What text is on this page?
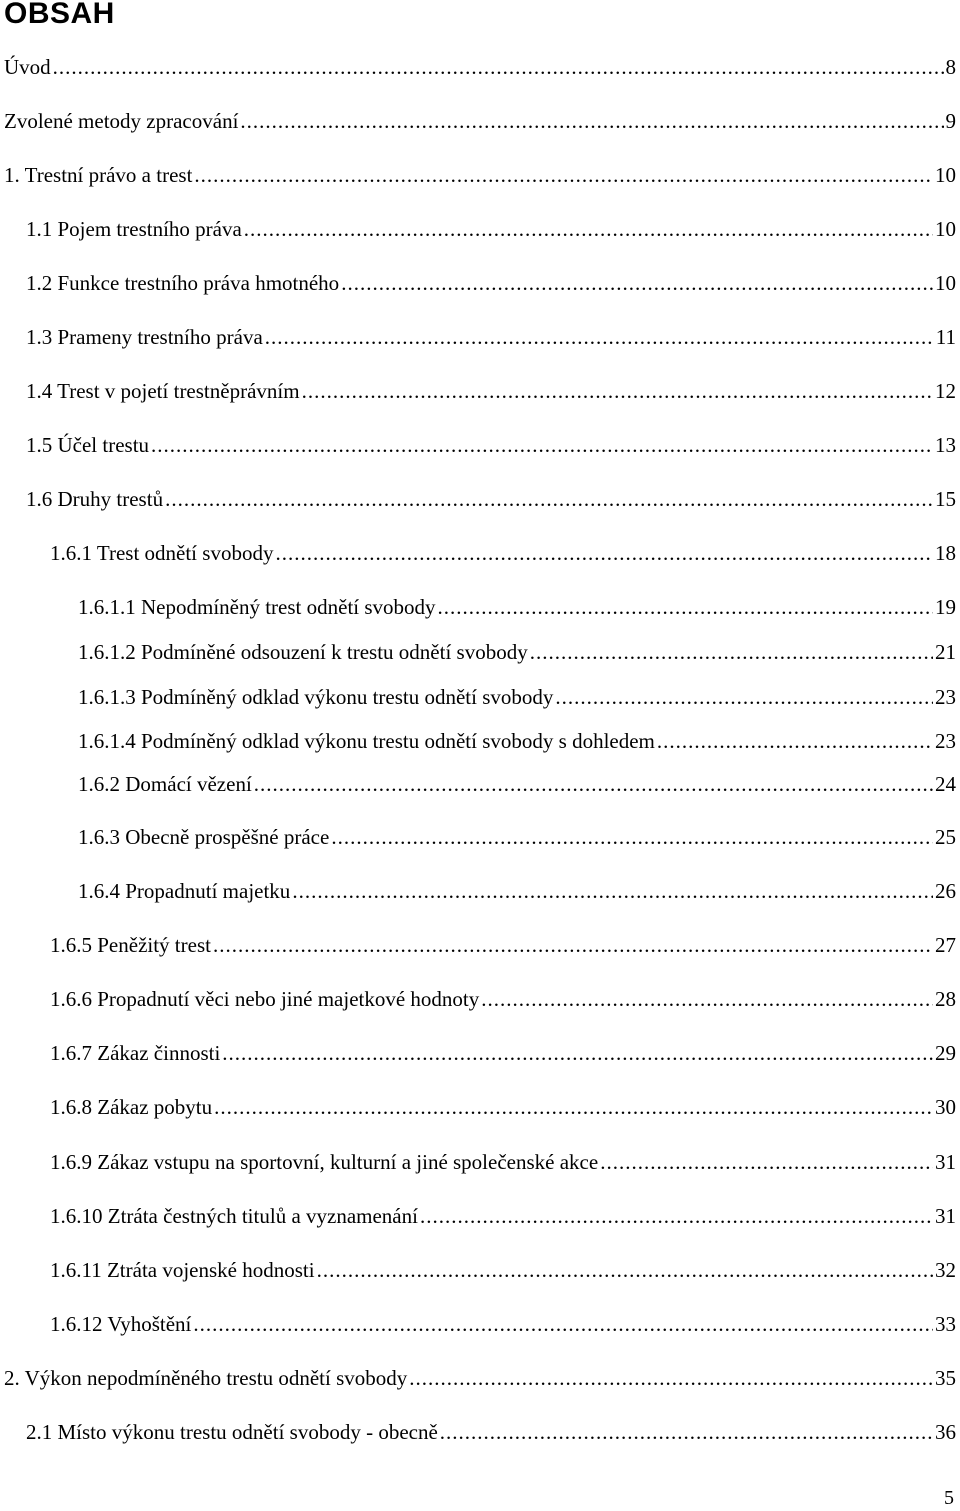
OBSAH
Úvod .....	8
Zvolené metody zpracování .....	9
1. Trestní právo a trest .....	10
1.1 Pojem trestního práva .....	10
1.2 Funkce trestního práva hmotného .....	10
1.3 Prameny trestního práva .....	11
1.4 Trest v pojetí trestněprávním .....	12
1.5 Účel trestu .....	13
1.6 Druhy trestů .....	15
1.6.1 Trest odnětí svobody .....	18
1.6.1.1 Nepodmíněný trest odnětí svobody .....	19
1.6.1.2 Podmíněné odsouzení k trestu odnětí svobody .....	21
1.6.1.3 Podmíněný odklad výkonu trestu odnětí svobody .....	23
1.6.1.4 Podmíněný odklad výkonu trestu odnětí svobody s dohledem .....	23
1.6.2 Domácí vězení .....	24
1.6.3 Obecně prospěšné práce .....	25
1.6.4 Propadnutí majetku .....	26
1.6.5 Peněžitý trest .....	27
1.6.6 Propadnutí věci nebo jiné majetkové hodnoty .....	28
1.6.7 Zákaz činnosti .....	29
1.6.8 Zákaz pobytu .....	30
1.6.9 Zákaz vstupu na sportovní, kulturní a jiné společenské akce .....	31
1.6.10 Ztráta čestných titulů a vyznamenání .....	31
1.6.11 Ztráta vojenské hodnosti .....	32
1.6.12 Vyhoštění .....	33
2. Výkon nepodmíněného trestu odnětí svobody .....	35
2.1 Místo výkonu trestu odnětí svobody - obecně .....	36
5
